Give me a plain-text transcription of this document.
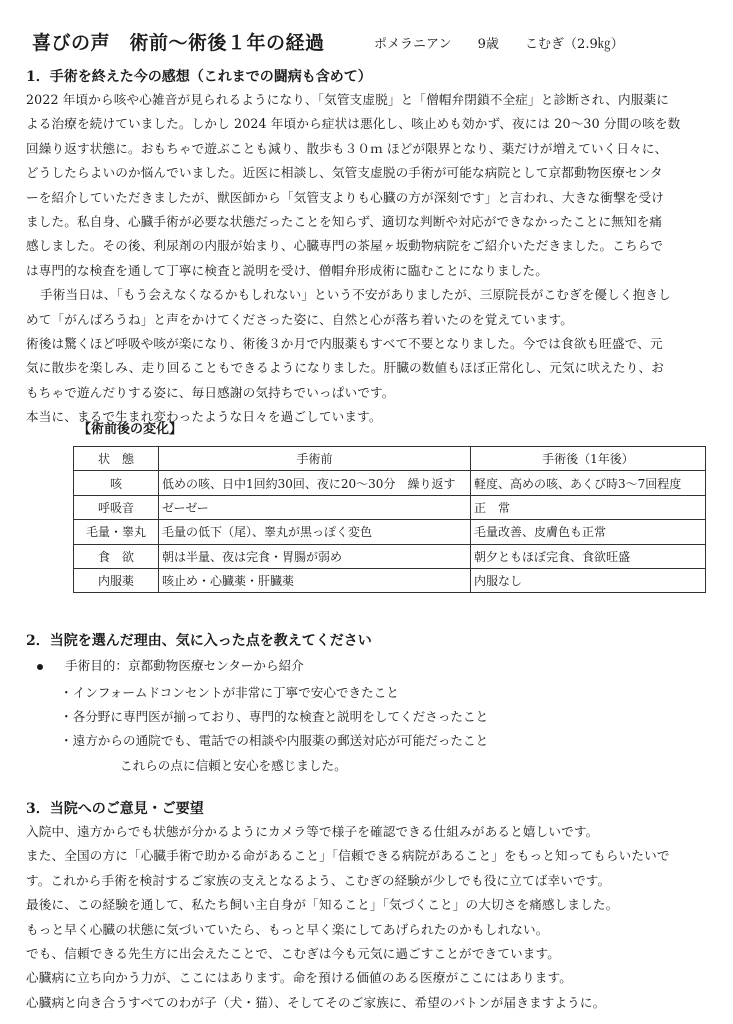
喜びの声　術前〜術後１年の経過	ポメラニアン 9歳 こむぎ（2.9㎏）
1．手術を終えた今の感想（これまでの闘病も含めて）

2022 年頃から咳や心雑音が見られるようになり、「気管支虚脱」と「僧帽弁閉鎖不全症」と診断され、内服薬に

よる治療を続けていました。しかし 2024 年頃から症状は悪化し、咳止めも効かず、夜には 20〜30 分間の咳を数

回繰り返す状態に。おもちゃで遊ぶことも減り、散歩も３０ｍ ほどが限界となり、薬だけが増えていく日々に、

どうしたらよいのか悩んでいました。近医に相談し、気管支虚脱の手術が可能な病院として京都動物医療センタ

ーを紹介していただきましたが、獣医師から「気管支よりも心臓の方が深刻です」と言われ、大きな衝撃を受け

ました。私自身、心臓手術が必要な状態だったことを知らず、適切な判断や対応ができなかったことに無知を痛

感しました。その後、利尿剤の内服が始まり、心臓専門の茶屋ヶ坂動物病院をご紹介いただきました。こちらで

は専門的な検査を通して丁寧に検査と説明を受け、僧帽弁形成術に臨むことになりました。

手術当日は、「もう会えなくなるかもしれない」という不安がありましたが、三原院長がこむぎを優しく抱きし

めて「がんばろうね」と声をかけてくださった姿に、自然と心が落ち着いたのを覚えています。

術後は驚くほど呼吸や咳が楽になり、術後３か月で内服薬もすべて不要となりました。今では食欲も旺盛で、元

気に散歩を楽しみ、走り回ることもできるようになりました。肝臓の数値もほぼ正常化し、元気に吠えたり、お

もちゃで遊んだりする姿に、毎日感謝の気持ちでいっぱいです。

本当に、まるで生まれ変わったような日々を過ごしています。

【術前後の変化】
状　態	手術前	手術後（1年後）
咳	低めの咳、日中1回約30回、夜に20〜30分　繰り返す	軽度、高めの咳、あくび時3〜7回程度
呼吸音	ゼーゼー	正　常
毛量・睾丸	毛量の低下（尾）、睾丸が黒っぽく変色	毛量改善、皮膚色も正常
食　欲	朝は半量、夜は完食・胃腸が弱め	朝夕ともほぼ完食、食欲旺盛
内服薬	咳止め・心臓薬・肝臓薬	内服なし
2．当院を選んだ理由、気に入った点を教えてください
手術目的：京都動物医療センターから紹介
・インフォームドコンセントが非常に丁寧で安心できたこと
・各分野に専門医が揃っており、専門的な検査と説明をしてくださったこと
・遠方からの通院でも、電話での相談や内服薬の郵送対応が可能だったこと
これらの点に信頼と安心を感じました。
3．当院へのご意見・ご要望

入院中、遠方からでも状態が分かるようにカメラ等で様子を確認できる仕組みがあると嬉しいです。

また、全国の方に「心臓手術で助かる命があること」「信頼できる病院があること」をもっと知ってもらいたいで

す。これから手術を検討するご家族の支えとなるよう、こむぎの経験が少しでも役に立てば幸いです。

最後に、この経験を通して、私たち飼い主自身が「知ること」「気づくこと」の大切さを痛感しました。

もっと早く心臓の状態に気づいていたら、もっと早く楽にしてあげられたのかもしれない。

でも、信頼できる先生方に出会えたことで、こむぎは今も元気に過ごすことができています。

心臓病に立ち向かう力が、ここにはあります。命を預ける価値のある医療がここにはあります。

心臓病と向き合うすべてのわが子（犬・猫）、そしてそのご家族に、希望のバトンが届きますように。
